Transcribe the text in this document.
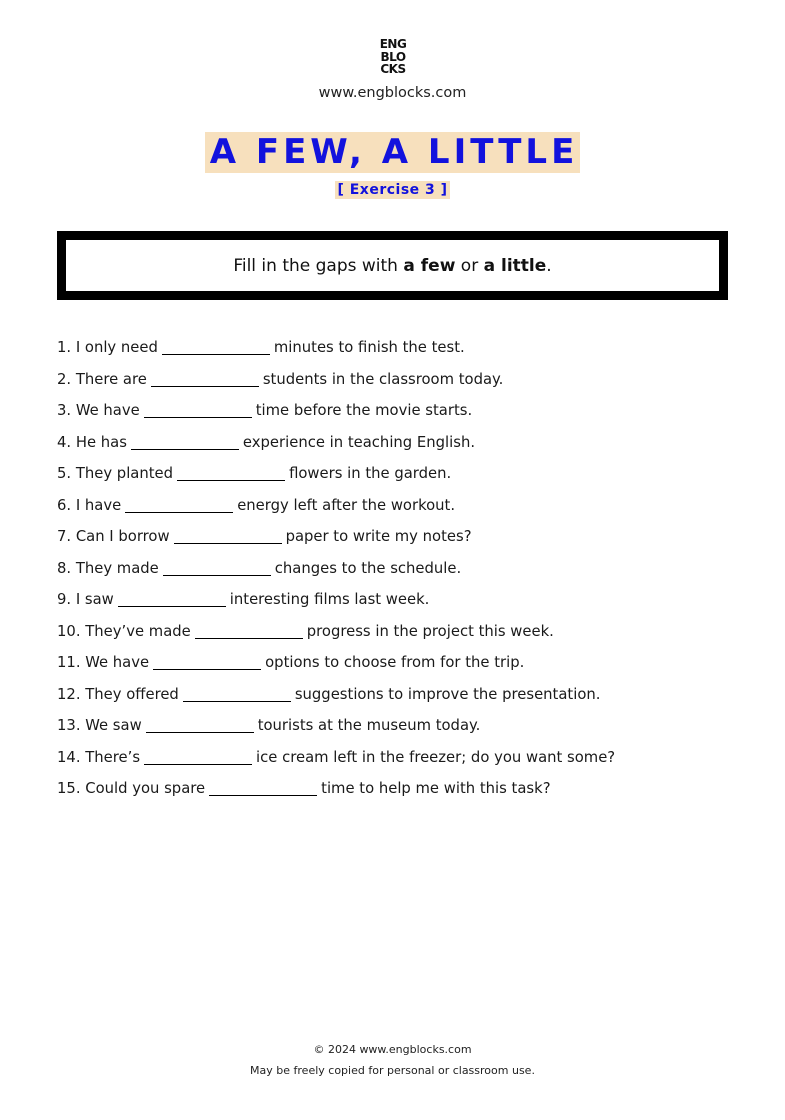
ENG
BLO
CKS
www.engblocks.com
A FEW, A LITTLE
[ Exercise 3 ]
Fill in the gaps with a few or a little.
1. I only need	minutes to finish the test.
2. There are	students in the classroom today.
3. We have	time before the movie starts.
4. He has	experience in teaching English.
5. They planted	flowers in the garden.
6. I have	energy left after the workout.
7. Can I borrow	paper to write my notes?
8. They made	changes to the schedule.
9. I saw	interesting films last week.
10. They’ve made	progress in the project this week.
11. We have	options to choose from for the trip.
12. They offered	suggestions to improve the presentation.
13. We saw	tourists at the museum today.
14. There’s	ice cream left in the freezer; do you want some?
15. Could you spare	time to help me with this task?
© 2024 www.engblocks.com
May be freely copied for personal or classroom use.
